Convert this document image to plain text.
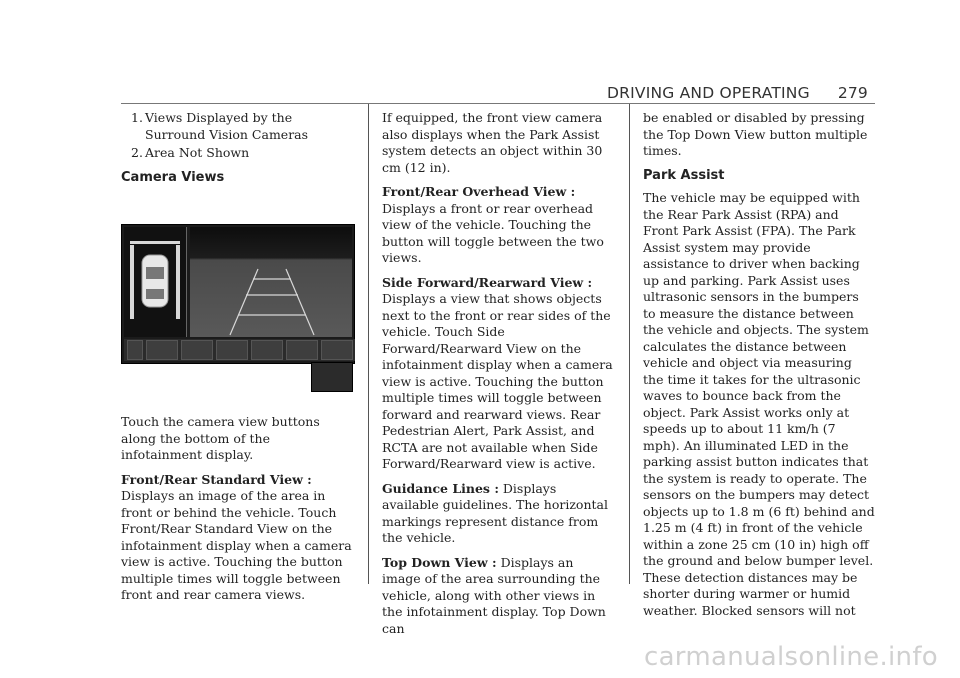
DRIVING AND OPERATING 279
1. Views Displayed by the Surround Vision Cameras
2. Area Not Shown
Camera Views

Touch the camera view buttons along the bottom of the infotainment display.

Front/Rear Standard View : Displays an image of the area in front or behind the vehicle. Touch Front/Rear Standard View on the infotainment display when a camera view is active. Touching the button multiple times will toggle between front and rear camera views.

If equipped, the front view camera also displays when the Park Assist system detects an object within 30 cm (12 in).

Front/Rear Overhead View : Displays a front or rear overhead view of the vehicle. Touching the button will toggle between the two views.

Side Forward/Rearward View : Displays a view that shows objects next to the front or rear sides of the vehicle. Touch Side Forward/Rearward View on the infotainment display when a camera view is active. Touching the button multiple times will toggle between forward and rearward views. Rear Pedestrian Alert, Park Assist, and RCTA are not available when Side Forward/Rearward view is active.

Guidance Lines : Displays available guidelines. The horizontal markings represent distance from the vehicle.

Top Down View : Displays an image of the area surrounding the vehicle, along with other views in the infotainment display. Top Down can

be enabled or disabled by pressing the Top Down View button multiple times.

Park Assist

The vehicle may be equipped with the Rear Park Assist (RPA) and Front Park Assist (FPA). The Park Assist system may provide assistance to driver when backing up and parking. Park Assist uses ultrasonic sensors in the bumpers to measure the distance between the vehicle and objects. The system calculates the distance between vehicle and object via measuring the time it takes for the ultrasonic waves to bounce back from the object. Park Assist works only at speeds up to about 11 km/h (7 mph). An illuminated LED in the parking assist button indicates that the system is ready to operate. The sensors on the bumpers may detect objects up to 1.8 m (6 ft) behind and 1.25 m (4 ft) in front of the vehicle within a zone 25 cm (10 in) high off the ground and below bumper level. These detection distances may be shorter during warmer or humid weather. Blocked sensors will not

carmanualsonline.info
